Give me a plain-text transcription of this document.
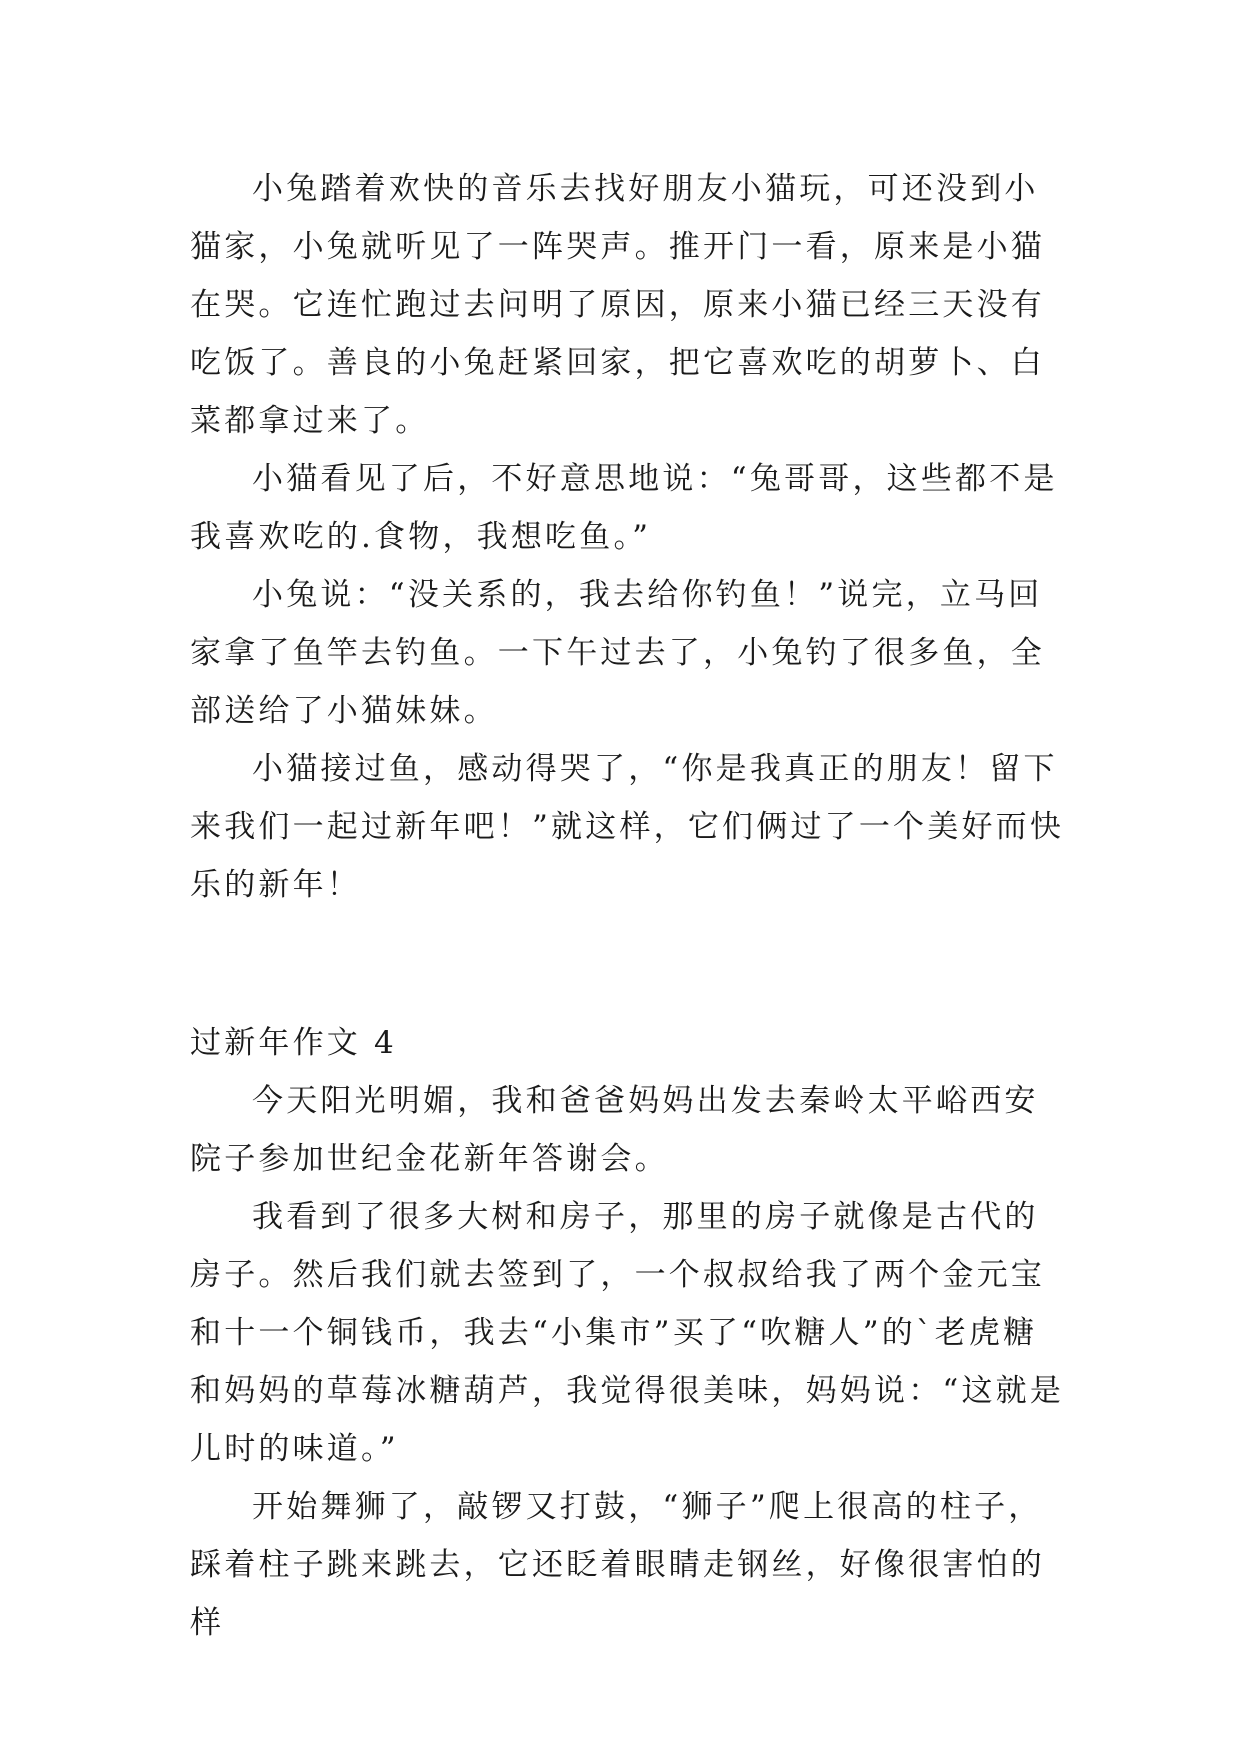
小兔踏着欢快的音乐去找好朋友小猫玩，可还没到小猫家，小兔就听见了一阵哭声。推开门一看，原来是小猫在哭。它连忙跑过去问明了原因，原来小猫已经三天没有吃饭了。善良的小兔赶紧回家，把它喜欢吃的胡萝卜、白菜都拿过来了。

小猫看见了后，不好意思地说：“兔哥哥，这些都不是我喜欢吃的.食物，我想吃鱼。”

小兔说：“没关系的，我去给你钓鱼！”说完，立马回家拿了鱼竿去钓鱼。一下午过去了，小兔钓了很多鱼，全部送给了小猫妹妹。

小猫接过鱼，感动得哭了，“你是我真正的朋友！留下来我们一起过新年吧！”就这样，它们俩过了一个美好而快乐的新年！

过新年作文 4

今天阳光明媚，我和爸爸妈妈出发去秦岭太平峪西安院子参加世纪金花新年答谢会。

我看到了很多大树和房子，那里的房子就像是古代的房子。然后我们就去签到了，一个叔叔给我了两个金元宝和十一个铜钱币，我去“小集市”买了“吹糖人”的`老虎糖和妈妈的草莓冰糖葫芦，我觉得很美味，妈妈说：“这就是儿时的味道。”

开始舞狮了，敲锣又打鼓，“狮子”爬上很高的柱子，踩着柱子跳来跳去，它还眨着眼睛走钢丝，好像很害怕的样
